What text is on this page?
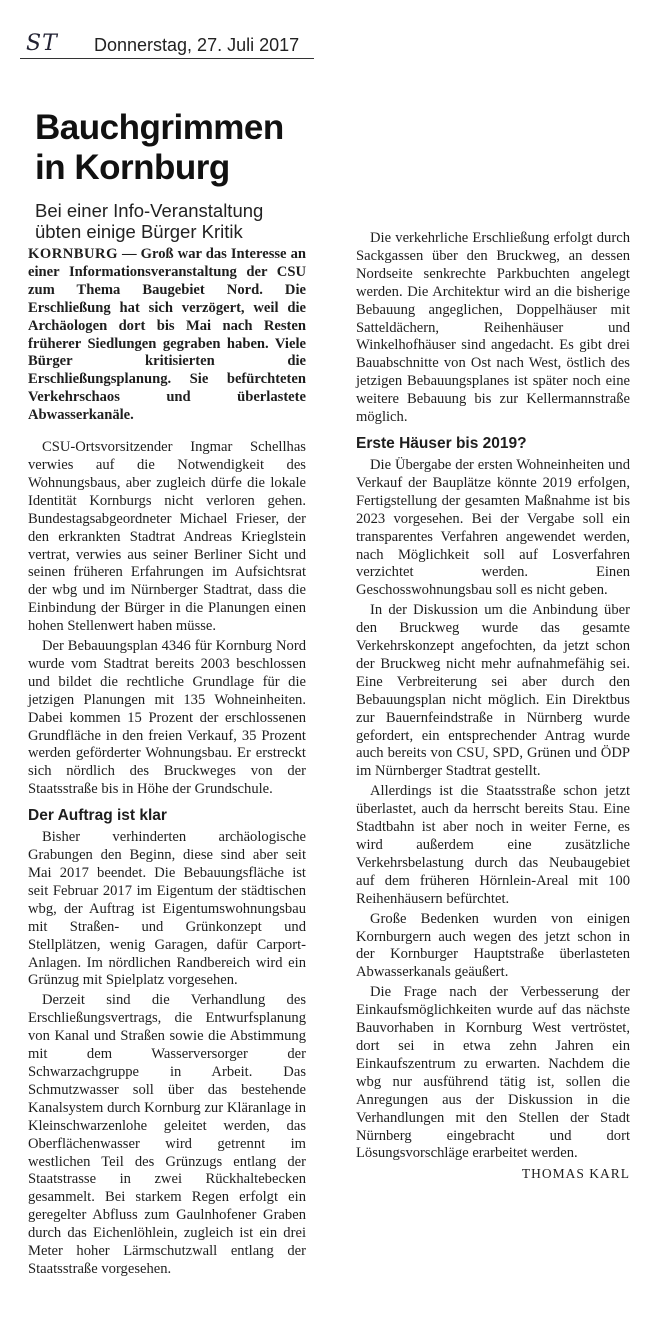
ST Donnerstag, 27. Juli 2017
Bauchgrimmen
in Kornburg
Bei einer Info-Veranstaltung
übten einige Bürger Kritik

KORNBURG — Groß war das Interesse an einer Informationsveranstaltung der CSU zum Thema Baugebiet Nord. Die Erschließung hat sich verzögert, weil die Archäologen dort bis Mai nach Resten früherer Siedlungen gegraben haben. Viele Bürger kritisierten die Erschließungsplanung. Sie befürchteten Verkehrschaos und überlastete Abwasserkanäle.

CSU-Ortsvorsitzender Ingmar Schellhas verwies auf die Notwendigkeit des Wohnungsbaus, aber zugleich dürfe die lokale Identität Kornburgs nicht verloren gehen. Bundestagsabgeordneter Michael Frieser, der den erkrankten Stadtrat Andreas Krieglstein vertrat, verwies aus seiner Berliner Sicht und seinen früheren Erfahrungen im Aufsichtsrat der wbg und im Nürnberger Stadtrat, dass die Einbindung der Bürger in die Planungen einen hohen Stellenwert haben müsse.

Der Bebauungsplan 4346 für Kornburg Nord wurde vom Stadtrat bereits 2003 beschlossen und bildet die rechtliche Grundlage für die jetzigen Planungen mit 135 Wohneinheiten. Dabei kommen 15 Prozent der erschlossenen Grundfläche in den freien Verkauf, 35 Prozent werden geförderter Wohnungsbau. Er erstreckt sich nördlich des Bruckweges von der Staatsstraße bis in Höhe der Grundschule.

Der Auftrag ist klar

Bisher verhinderten archäologische Grabungen den Beginn, diese sind aber seit Mai 2017 beendet. Die Bebauungsfläche ist seit Februar 2017 im Eigentum der städtischen wbg, der Auftrag ist Eigentumswohnungsbau mit Straßen- und Grünkonzept und Stellplätzen, wenig Garagen, dafür Carport-Anlagen. Im nördlichen Randbereich wird ein Grünzug mit Spielplatz vorgesehen.

Derzeit sind die Verhandlung des Erschließungsvertrags, die Entwurfsplanung von Kanal und Straßen sowie die Abstimmung mit dem Wasserversorger der Schwarzachgruppe in Arbeit. Das Schmutzwasser soll über das bestehende Kanalsystem durch Kornburg zur Kläranlage in Kleinschwarzenlohe geleitet werden, das Oberflächenwasser wird getrennt im westlichen Teil des Grünzugs entlang der Staatstrasse in zwei Rückhaltebecken gesammelt. Bei starkem Regen erfolgt ein geregelter Abfluss zum Gaulnhofener Graben durch das Eichenlöhlein, zugleich ist ein drei Meter hoher Lärmschutzwall entlang der Staatsstraße vorgesehen.

Die verkehrliche Erschließung erfolgt durch Sackgassen über den Bruckweg, an dessen Nordseite senkrechte Parkbuchten angelegt werden. Die Architektur wird an die bisherige Bebauung angeglichen, Doppelhäuser mit Satteldächern, Reihenhäuser und Winkelhofhäuser sind angedacht. Es gibt drei Bauabschnitte von Ost nach West, östlich des jetzigen Bebauungsplanes ist später noch eine weitere Bebauung bis zur Kellermannstraße möglich.

Erste Häuser bis 2019?

Die Übergabe der ersten Wohneinheiten und Verkauf der Bauplätze könnte 2019 erfolgen, Fertigstellung der gesamten Maßnahme ist bis 2023 vorgesehen. Bei der Vergabe soll ein transparentes Verfahren angewendet werden, nach Möglichkeit soll auf Losverfahren verzichtet werden. Einen Geschosswohnungsbau soll es nicht geben.

In der Diskussion um die Anbindung über den Bruckweg wurde das gesamte Verkehrskonzept angefochten, da jetzt schon der Bruckweg nicht mehr aufnahmefähig sei. Eine Verbreiterung sei aber durch den Bebauungsplan nicht möglich. Ein Direktbus zur Bauernfeindstraße in Nürnberg wurde gefordert, ein entsprechender Antrag wurde auch bereits von CSU, SPD, Grünen und ÖDP im Nürnberger Stadtrat gestellt.

Allerdings ist die Staatsstraße schon jetzt überlastet, auch da herrscht bereits Stau. Eine Stadtbahn ist aber noch in weiter Ferne, es wird außerdem eine zusätzliche Verkehrsbelastung durch das Neubaugebiet auf dem früheren Hörnlein-Areal mit 100 Reihenhäusern befürchtet.

Große Bedenken wurden von einigen Kornburgern auch wegen des jetzt schon in der Kornburger Hauptstraße überlasteten Abwasserkanals geäußert.

Die Frage nach der Verbesserung der Einkaufsmöglichkeiten wurde auf das nächste Bauvorhaben in Kornburg West vertröstet, dort sei in etwa zehn Jahren ein Einkaufszentrum zu erwarten. Nachdem die wbg nur ausführend tätig ist, sollen die Anregungen aus der Diskussion in die Verhandlungen mit den Stellen der Stadt Nürnberg eingebracht und dort Lösungsvorschläge erarbeitet werden.

THOMAS KARL
